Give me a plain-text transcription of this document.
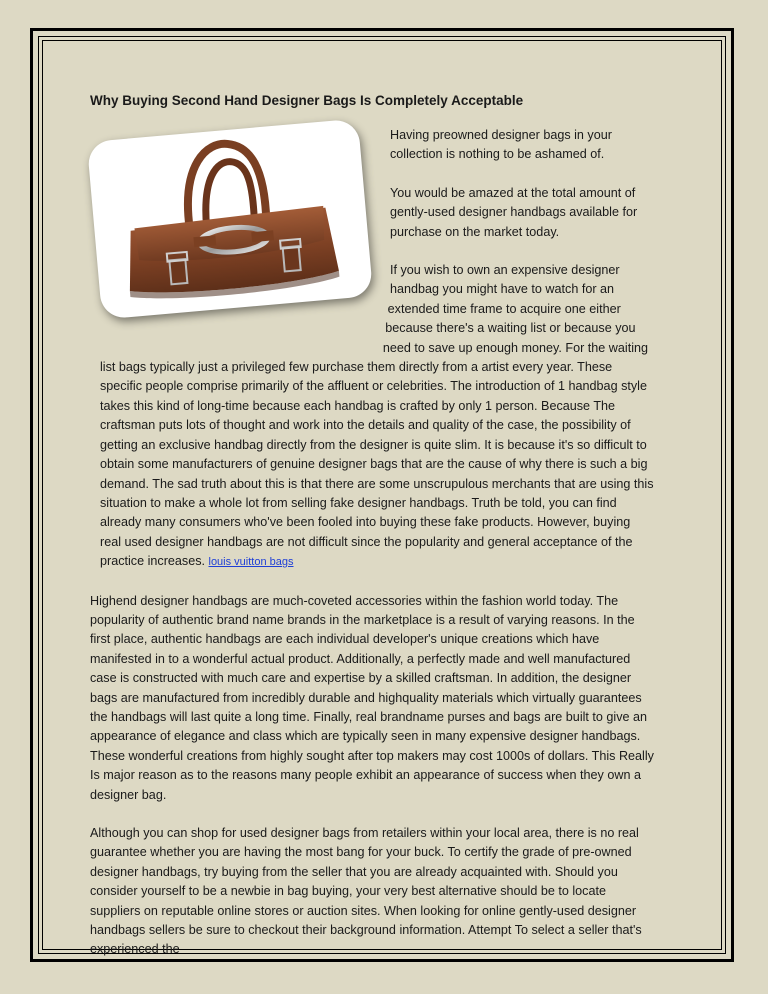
Why Buying Second Hand Designer Bags Is Completely Acceptable

Having preowned designer bags in your collection is nothing to be ashamed of.

You would be amazed at the total amount of gently-used designer handbags available for purchase on the market today.

If you wish to own an expensive designer handbag you might have to watch for an extended time frame to acquire one either because there's a waiting list or because you need to save up enough money. For the waiting list bags typically just a privileged few purchase them directly from a artist every year. These specific people comprise primarily of the affluent or celebrities. The introduction of 1 handbag style takes this kind of long-time because each handbag is crafted by only 1 person. Because The craftsman puts lots of thought and work into the details and quality of the case, the possibility of getting an exclusive handbag directly from the designer is quite slim. It is because it's so difficult to obtain some manufacturers of genuine designer bags that are the cause of why there is such a big demand. The sad truth about this is that there are some unscrupulous merchants that are using this situation to make a whole lot from selling fake designer handbags. Truth be told, you can find already many consumers who've been fooled into buying these fake products. However, buying real used designer handbags are not difficult since the popularity and general acceptance of the practice increases. louis vuitton bags

Highend designer handbags are much-coveted accessories within the fashion world today. The popularity of authentic brand name brands in the marketplace is a result of varying reasons. In the first place, authentic handbags are each individual developer's unique creations which have manifested in to a wonderful actual product. Additionally, a perfectly made and well manufactured case is constructed with much care and expertise by a skilled craftsman. In addition, the designer bags are manufactured from incredibly durable and highquality materials which virtually guarantees the handbags will last quite a long time. Finally, real brandname purses and bags are built to give an appearance of elegance and class which are typically seen in many expensive designer handbags. These wonderful creations from highly sought after top makers may cost 1000s of dollars. This Really Is major reason as to the reasons many people exhibit an appearance of success when they own a designer bag.

Although you can shop for used designer bags from retailers within your local area, there is no real guarantee whether you are having the most bang for your buck. To certify the grade of pre-owned designer handbags, try buying from the seller that you are already acquainted with. Should you consider yourself to be a newbie in bag buying, your very best alternative should be to locate suppliers on reputable online stores or auction sites. When looking for online gently-used designer handbags sellers be sure to checkout their background information. Attempt To select a seller that's experienced the
